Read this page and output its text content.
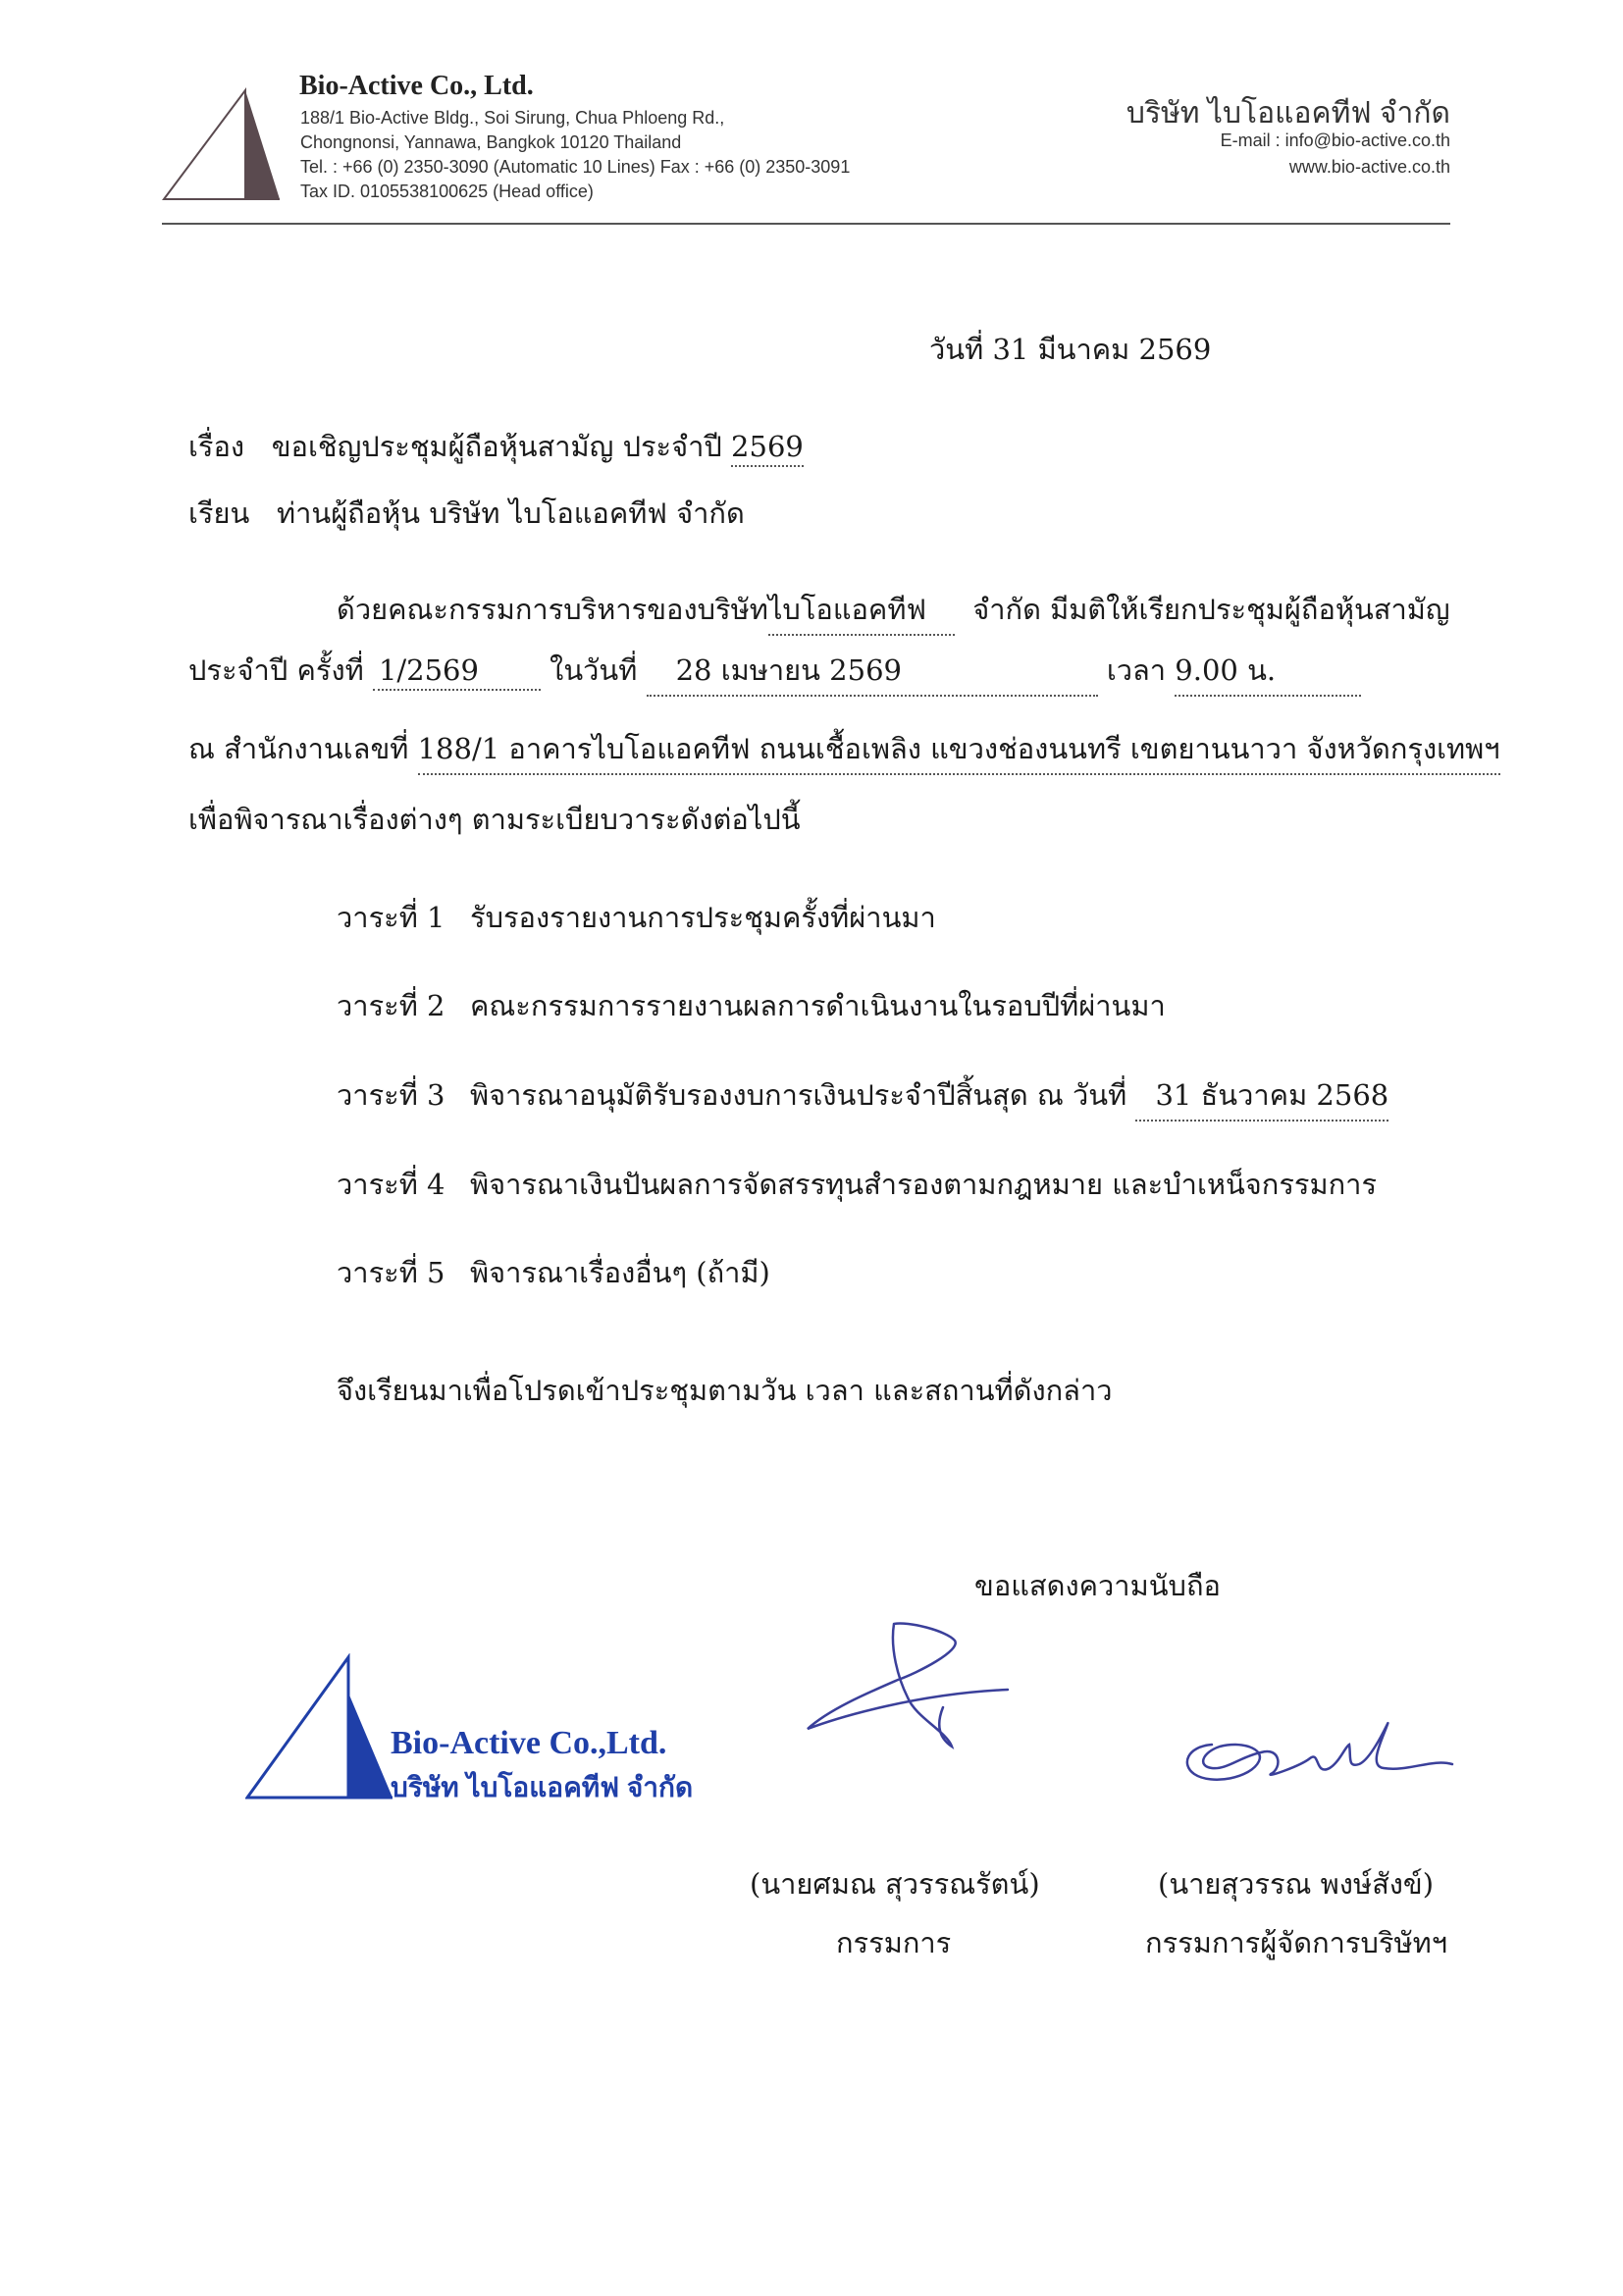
Bio-Active Co., Ltd.
188/1 Bio-Active Bldg., Soi Sirung, Chua Phloeng Rd.,
Chongnonsi, Yannawa, Bangkok 10120 Thailand
Tel. : +66 (0) 2350-3090 (Automatic 10 Lines) Fax : +66 (0) 2350-3091
Tax ID. 0105538100625 (Head office)
บริษัท ไบโอแอคทีฟ จำกัด
E-mail : info@bio-active.co.th
www.bio-active.co.th
วันที่ 31 มีนาคม 2569
เรื่อง ขอเชิญประชุมผู้ถือหุ้นสามัญ ประจำปี 2569
เรียน ท่านผู้ถือหุ้น บริษัท ไบโอแอคทีฟ จำกัด
ด้วยคณะกรรมการบริหารของบริษัทไบโอแอคทีฟ จำกัด มีมติให้เรียกประชุมผู้ถือหุ้นสามัญ
ประจำปี ครั้งที่ 1/2569 ในวันที่ 28 เมษายน 2569	เวลา 9.00 น.
ณ สำนักงานเลขที่ 188/1 อาคารไบโอแอคทีฟ ถนนเชื้อเพลิง แขวงช่องนนทรี เขตยานนาวา จังหวัดกรุงเทพฯ
เพื่อพิจารณาเรื่องต่างๆ ตามระเบียบวาระดังต่อไปนี้
วาระที่ 1 รับรองรายงานการประชุมครั้งที่ผ่านมา
วาระที่ 2 คณะกรรมการรายงานผลการดำเนินงานในรอบปีที่ผ่านมา
วาระที่ 3 พิจารณาอนุมัติรับรองงบการเงินประจำปีสิ้นสุด ณ วันที่ 31 ธันวาคม 2568
วาระที่ 4 พิจารณาเงินปันผลการจัดสรรทุนสำรองตามกฎหมาย และบำเหน็จกรรมการ
วาระที่ 5 พิจารณาเรื่องอื่นๆ (ถ้ามี)
จึงเรียนมาเพื่อโปรดเข้าประชุมตามวัน เวลา และสถานที่ดังกล่าว
ขอแสดงความนับถือ
Bio-Active Co.,Ltd.
บริษัท ไบโอแอคทีฟ จำกัด
(นายศมณ สุวรรณรัตน์)
กรรมการ
(นายสุวรรณ พงษ์สังข์)
กรรมการผู้จัดการบริษัทฯ
